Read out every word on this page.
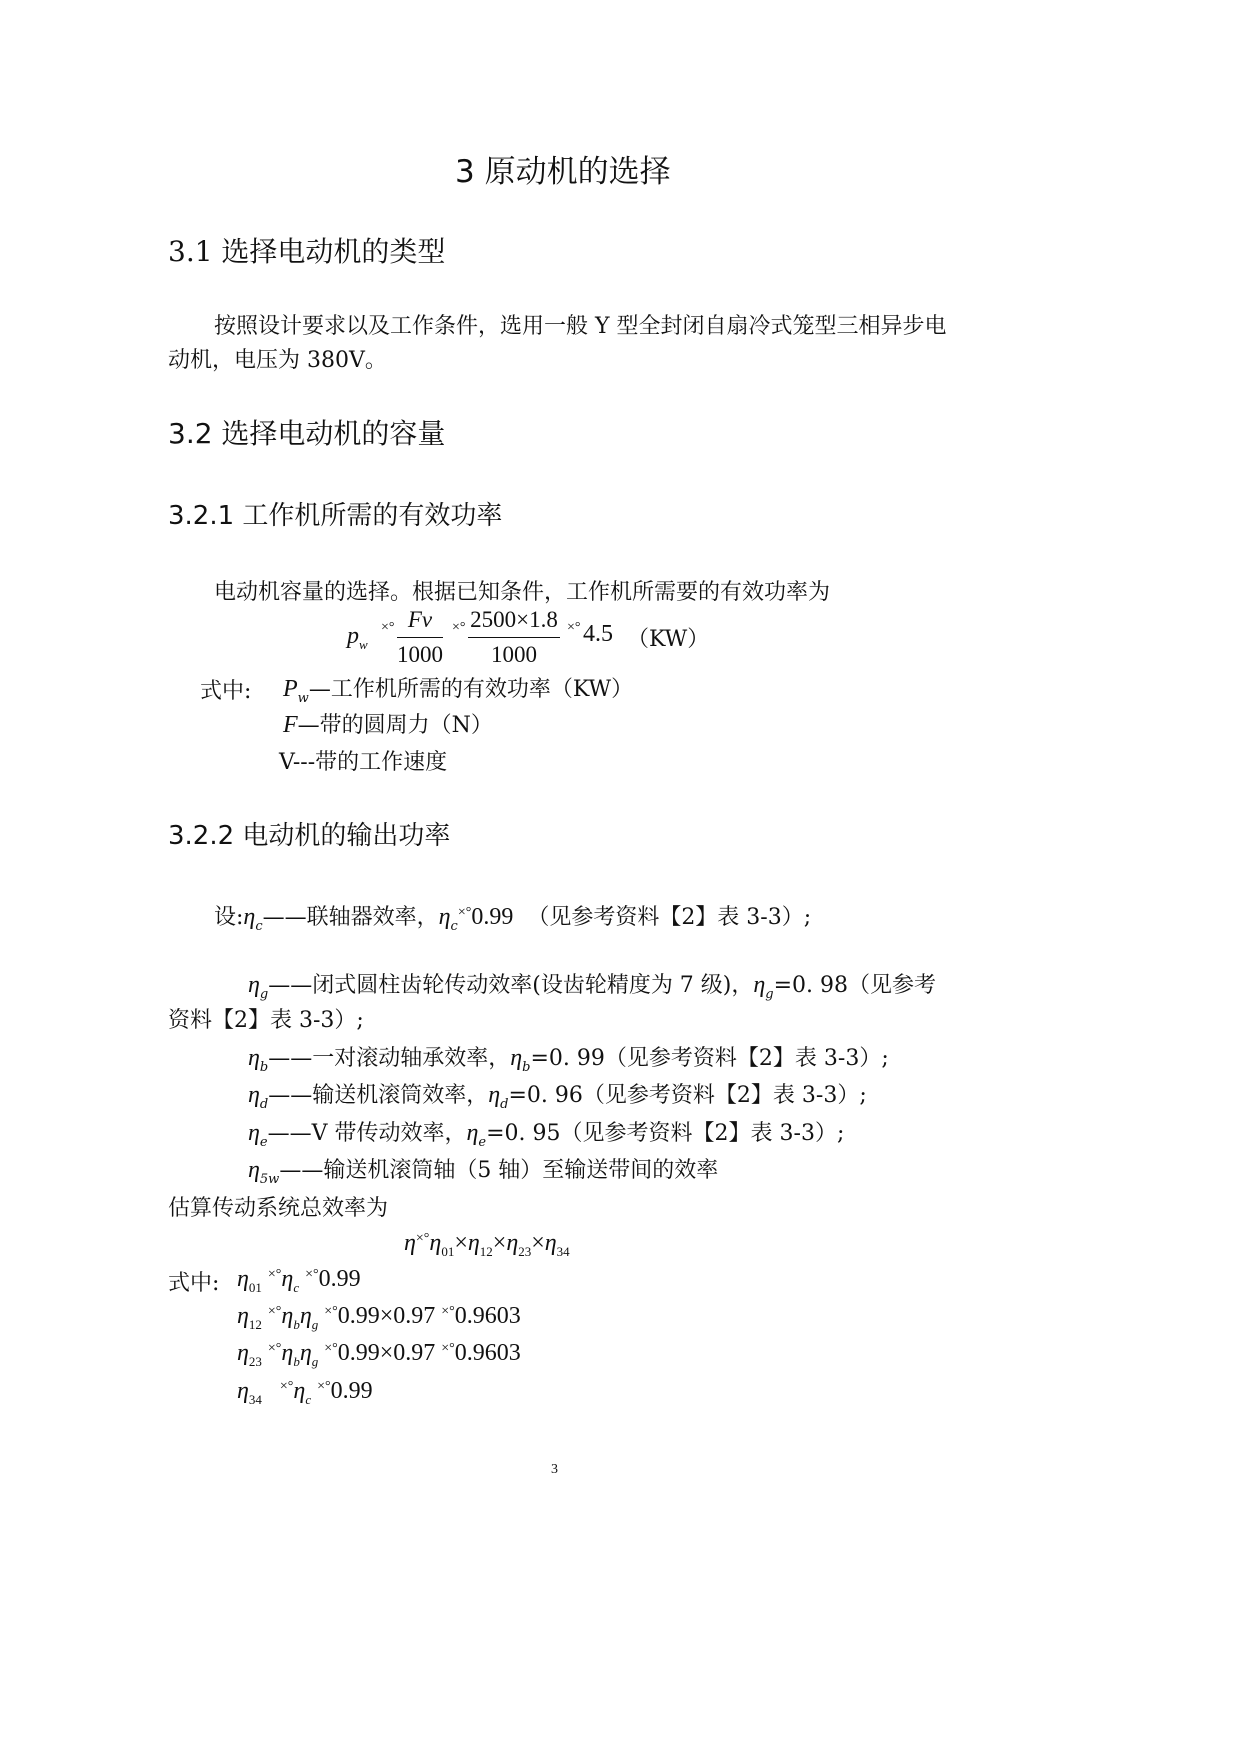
3 原动机的选择
3.1 选择电动机的类型
按照设计要求以及工作条件，选用一般 Y 型全封闭自扇冷式笼型三相异步电
动机，电压为 380V。
3.2 选择电动机的容量
3.2.1 工作机所需的有效功率
电动机容量的选择。根据已知条件，工作机所需要的有效功率为
$p_w$
×° Fv
1000
×° 2500×1.8
1000
×° 4.5 （KW）
式中: $P_w—$工作机所需的有效功率（KW）
F—带的圆周力（N）
V---带的工作速度
3.2.2 电动机的输出功率
设$:\eta_c——$联轴器效率，$\eta_c^{\times^\circ}0.99$ （见参考资料【2】表 3-3）;
$\eta_g——$闭式圆柱齿轮传动效率(设齿轮精度为 7 级)，$\eta_g=0$. 98（见参考
资料【2】表 3-3）;
$\eta_b——$一对滚动轴承效率，$\eta_b=0$. 99（见参考资料【2】表 3-3）;
$\eta_d——$输送机滚筒效率，$\eta_d=0$. 96（见参考资料【2】表 3-3）;
$\eta_e——V$ 带传动效率，$\eta_e=0$. 95（见参考资料【2】表 3-3）;
$\eta_{5w}——$输送机滚筒轴（5 轴）至输送带间的效率
估算传动系统总效率为
$\eta^{\times^\circ}\eta_{01}\times\eta_{12}\times\eta_{23}\times\eta_{34}$
式中: $\eta_{01}$ $^{\times^\circ}\eta_c$ ×°0.99
$\eta_{12}$ $^{\times^\circ}\eta_b\eta_g$ ×°0.99×0.97 ×°0.9603
$\eta_{23}$ $^{\times^\circ}\eta_b\eta_g$ ×°0.99×0.97 ×°0.9603
$\eta_{34}$   $^{\times^\circ}\eta_c$ ×°0.99
3
